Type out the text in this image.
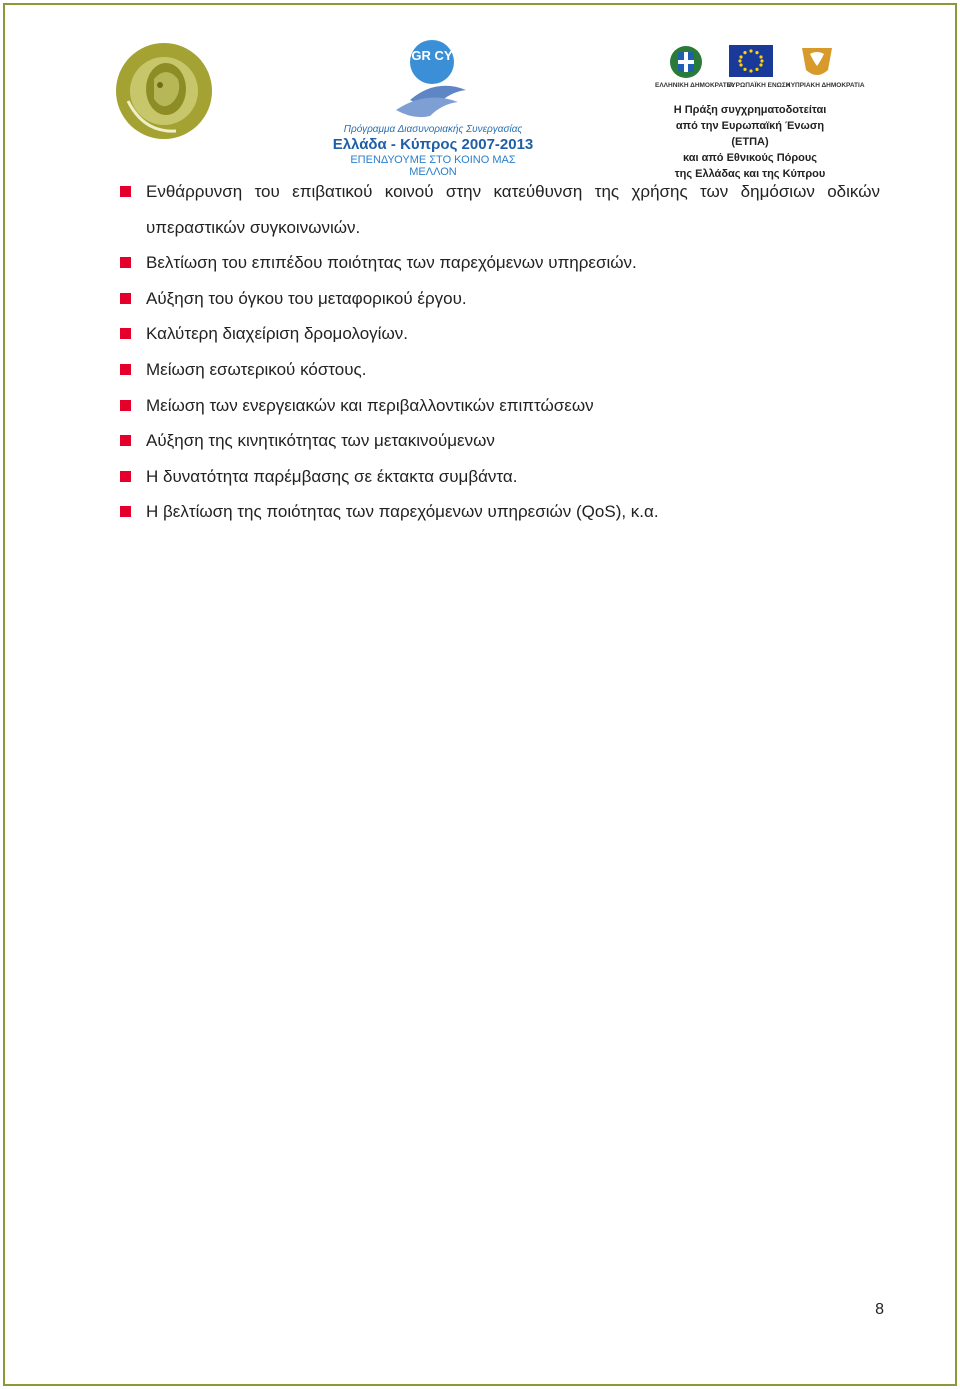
GR CY
Πρόγραμμα Διασυνοριακής Συνεργασίας
Ελλάδα - Κύπρος 2007-2013
ΕΠΕΝΔΥΟΥΜΕ ΣΤΟ ΚΟΙΝΟ ΜΑΣ ΜΕΛΛΟΝ
ΕΛΛΗΝΙΚΗ ΔΗΜΟΚΡΑΤΙΑ
ΕΥΡΩΠΑΪΚΗ ΕΝΩΣΗ
ΚΥΠΡΙΑΚΗ ΔΗΜΟΚΡΑΤΙΑ
Η Πράξη συγχρηματοδοτείται
από την Ευρωπαϊκή Ένωση (ΕΤΠΑ)
και από Εθνικούς Πόρους
της Ελλάδας και της Κύπρου
Ενθάρρυνση του επιβατικού κοινού στην κατεύθυνση της χρήσης των δημόσιων οδικών υπεραστικών συγκοινωνιών.
Βελτίωση του επιπέδου ποιότητας των παρεχόμενων υπηρεσιών.
Αύξηση του όγκου του μεταφορικού έργου.
Καλύτερη διαχείριση δρομολογίων.
Μείωση εσωτερικού κόστους.
Μείωση των ενεργειακών και περιβαλλοντικών επιπτώσεων
Αύξηση της κινητικότητας των μετακινούμενων
Η δυνατότητα παρέμβασης σε έκτακτα συμβάντα.
Η βελτίωση της ποιότητας των παρεχόμενων υπηρεσιών (QoS), κ.α.
8
